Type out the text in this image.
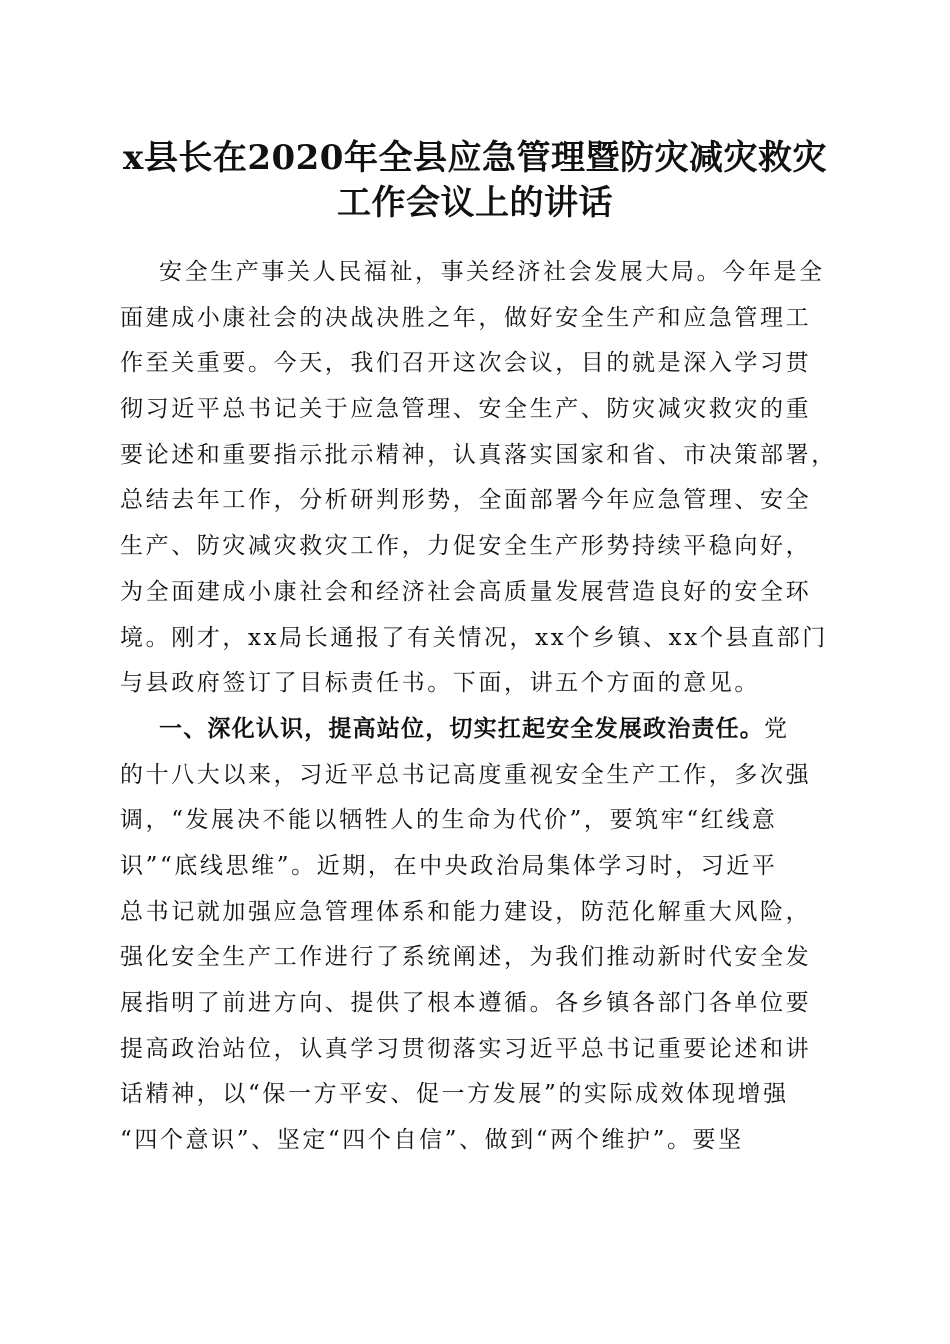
x县长在2020年全县应急管理暨防灾减灾救灾
工作会议上的讲话
安全生产事关人民福祉，事关经济社会发展大局。今年是全
面建成小康社会的决战决胜之年，做好安全生产和应急管理工
作至关重要。今天，我们召开这次会议，目的就是深入学习贯
彻习近平总书记关于应急管理、安全生产、防灾减灾救灾的重
要论述和重要指示批示精神，认真落实国家和省、市决策部署，
总结去年工作，分析研判形势，全面部署今年应急管理、安全
生产、防灾减灾救灾工作，力促安全生产形势持续平稳向好，
为全面建成小康社会和经济社会高质量发展营造良好的安全环
境。刚才，xx局长通报了有关情况，xx个乡镇、xx个县直部门
与县政府签订了目标责任书。下面，讲五个方面的意见。
一、深化认识，提高站位，切实扛起安全发展政治责任。党
的十八大以来，习近平总书记高度重视安全生产工作，多次强
调，“发展决不能以牺牲人的生命为代价”，要筑牢“红线意
识”“底线思维”。近期，在中央政治局集体学习时，习近平
总书记就加强应急管理体系和能力建设，防范化解重大风险，
强化安全生产工作进行了系统阐述，为我们推动新时代安全发
展指明了前进方向、提供了根本遵循。各乡镇各部门各单位要
提高政治站位，认真学习贯彻落实习近平总书记重要论述和讲
话精神，以“保一方平安、促一方发展”的实际成效体现增强
“四个意识”、坚定“四个自信”、做到“两个维护”。要坚
